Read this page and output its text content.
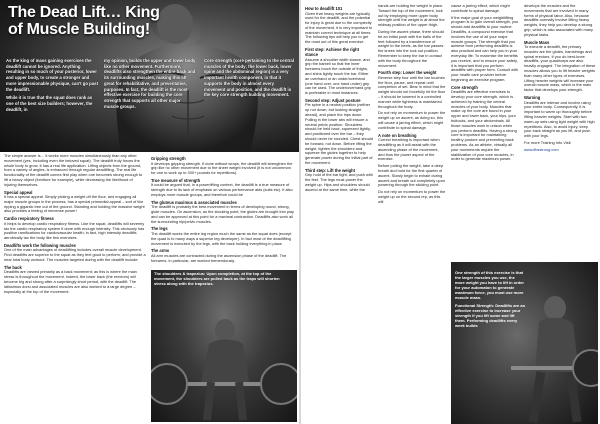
The Dead Lift… King of Muscle Building!

As the king of mass gaining exercises the deadlift cannot be ignored. Anything resulting in so much of your posterior, lower and upper body, to create a stronger and more impressionable physique, can't go past the deadlift.

While it is true that the squat does rank as one of the best size builders; however, the deadlift, in

my opinion, builds the upper and lower body like no other movement. Furthermore, deadlifts also strengthen the entire back and its surrounding muscles, making this lift great for rehabilitative, and preventative, purposes. In fact, the deadlift is the most effective exercise for building the core strength that supports all other major muscle groups.

Core strength (core pertaining to the central muscles of the body; the lower back, lower spine and the abdominal region) is a very important health component, in that it supports the body in almost every movement and position, and the deadlift is the key core strength building movement.

The simple answer is… it works more muscles simultaneously than any other movement (yes, including even the beloved squat). The deadlift truly forces the whole body to grow. It has a real life application. Lifting objects from the ground, from a variety of angles, is enhanced through regular deadlifting. The real life functionality of the deadlift comes first play when one becomes strong enough to lift a heavy object (furniture for example), while decreasing the likelihood of injuring themselves.

Special appeal

It has a special appeal. Simply picking a weight off the floor, and engaging all major muscle groups in the process, has a special primordial appeal – sort of like ripping a gigantic tree out of the ground. Standing and holding the massive weight also provides a feeling of immense power!

Cardio respiratory fitness

It helps to develop cardio respiratory fitness. Like the squat, deadlifts will severely tax the cardio respiratory system if done with enough intensity. This obviously has positive ramifications for cardiovascular health; in fact, high intensity deadlifts aerobically tax the body like few exercises.

Deadlifts work the following muscles

One of the main advantages of deadlifting includes overall muscle development. Find deadlifts are superior to the squat as they feel good to perform, and provide a near total body workout. The muscles targeted during with the deadlift include:

The back

Deadlifts are viewed primarily as a back movement; as this is where the main stress is throughout the movement. Indeed, the lower back (the erectors) will become big and strong after a surprisingly short period, with the deadlift. The latissimus dorsi and associated muscles are also worked to a large degree – especially at the top of the movement.

Gripping strength

It develops gripping strength. If done without wraps, the deadlift will strengthen the grip like no other movement due to the sheer weight involved (it is not uncommon for one to work up to 300+ pounds for repetitions).

True measure of strength

It could be argued that, in a powerlifting context, the deadlift is a true measure of strength due to its lack of emphasis on various performance aids (suits etc). It also employs more muscle groups, and therefore could be

The gluteus maximus & associated muscles

The deadlift is probably the best movement in terms of developing round, strong, glute muscles. On ascension, as the stocking point, the glutes are brought into play and can be approved at this point for a maximal contraction. Deadlifts also work all the surrounding hip/pelvic muscles.

The legs

The deadlift works the entire leg region much the same as the squat does (except the quad is to many ways a superior leg developer). In fact most of the deadlifting movement is executed by the legs, with the back holding everything in place.

The arms

All arm muscles are contracted during the ascension phase of the deadlift. The forearms, in particular, are worked tremendously.

The shoulders & trapezius: Upon completion, at the top of the movement, the shoulders are pulled back as the traps will shorten stress along with the trapezius.

How to deadlift 101

Given that heavy weights are typically used for the deadlift, and the potential for injury is great due to the complexity of the movement, it is very important to maintain correct technique at all times. The following tips will help you to get the most out of this great exercise.

First step: Achieve the right stance

Assume a shoulder width stance, and grip the barbell so that the inner forearms touch the outside of thighs, and shins lightly touch the bar. Either an overhand or an under/overhand (one hand over, one hand under) grip can be used. The under/overhand grip is preferable in most instances.

Second step: Adjust posture

Pie spine in a neutral position (neither up nor down, but looking straight ahead), and place the hips down. Pulling in the lower abs will ensure a neutral pelvic position. Shoulders should be held back, squeezed tightly, and positioned over the bar – they should never be rounded. Chest should be forward, not down. Before lifting the weight, tighten the shoulders and squeeze the glutes together to help generate power during the initial part of the movement.

Third step: Lift the weight

Grip hold of the bar tight, and push with the feet. The legs must power the weight up. Hips and shoulders should ascend at the same time, while the

hands are holding the weight in place. Toward the top of the movement, lock out by employing more upper body strength until the weight is at about the midway position of the upper thigh.

During the ascent phase, there should be an initial push with the balls of the feet followed by a transference of weight to the heels, as the bar passes the knees into the lock out position. Remember to keep the bar in contact with the body throughout the movement.

Fourth step: Lower the weight

Reverse step four until the bar touches the floor, pause, and repeat until completion of set. Bear in mind that the weight should not forcefully hit the floor – it should be lowered in a controlled manner while tightness is maintained throughout the body.

Do not rely on momentum to power the weight up on ascent, as doing so, this will cause a jarring effect, which might contribute to spinal damage.

A note on breathing

Correct breathing is important when deadlifting as it will assist with the ascending phase of the movement, and thus the power aspect of the exercise.

Before pulling the weight, take a deep breath and hold for the first quarter of ascent. Slowly begin to exhale during ascent and breath out completely upon powering through the sticking point.

Do not rely on momentum to power the weight up on the second rep, as this will

cause a jarring effect, which might contribute to spinal damage.

If the major goal of your weightlifting program is to gain overall strength, you should add deadlifts to your routine. Deadlifts, a compound exercise that involves the use of all your major muscle groups. The strength that you achieve from performing deadlifts is also practical and can help you in your everyday life. To maximise the benefits you receive, and to ensure your safety, it is important that you perform deadlifts with proper form. Consult with your health care provider before beginning an exercise program.

Core strength

Deadlifts are effective exercises to develop your core strength, which is achieved by training the central muscles of your body. Muscles that make up the core are found in your upper and lower back, your hips, your buttocks, and your abdominals. All those muscles work in unison when you perform deadlifts. Having a strong core is important for maintaining healthy posture and preventing back problems. As an athlete, virtually all your movements require the stabilization of your core muscles, in order to generate maximum power.

develops the muscles and the movements that are involved in many forms of physical labor. Also, because deadlifts normally involve lifting heavy weights, they help you develop a strong grip, which is also associated with many physical tasks.

Muscle Mass

To execute a deadlift, the primary muscles are the glutes, hamstrings and spinal erectors. If you do bent-knee deadlifts, your quadriceps are also heavily engaged. The integration of these muscles allows you to lift heavier weights than many other types of exercises. Lifting heavier weights will increase your overall muscle mass, which is the main factor that develops your strength.

Warning

Deadlifts are intense and involve using your entire body. Consequently, it is important to warm up thoroughly before lifting heavier weights. Start with two warm-up sets using light weight with high repetitions. Also, to avoid injury, keep your back straight as you lift, and push with your legs.

For more Training Info Visit

www.ifbsstrong.com

One strength of this exercise is that the larger muscles you use, the more weight you have to lift in order for your automaton to generate maximum force, you must use more muscle mass.

Functional Strength: Deadlifts are an effective exercise to increase your strength if you lift some and lift them. Performing deadlifts every week builds
